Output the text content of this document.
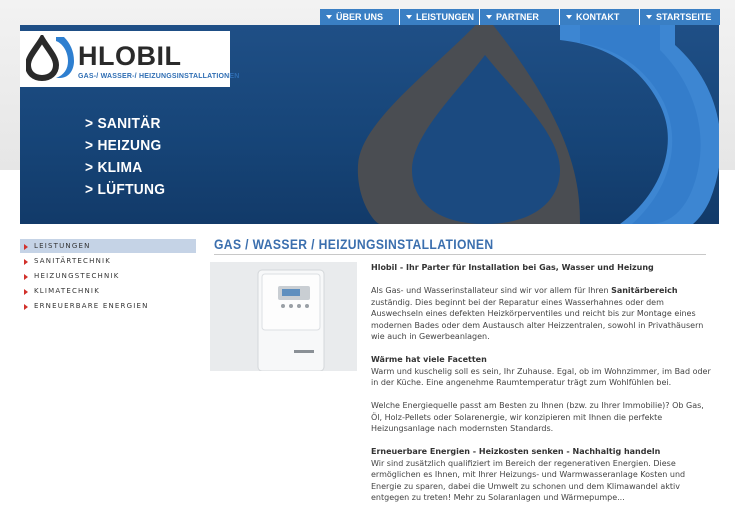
ÜBER UNS	LEISTUNGEN	PARTNER	KONTAKT	STARTSEITE
HLOBIL
GAS-/ WASSER-/ HEIZUNGSINSTALLATIONEN
> SANITÄR
> HEIZUNG
> KLIMA
> LÜFTUNG
LEISTUNGEN
SANITÄRTECHNIK
HEIZUNGSTECHNIK
KLIMATECHNIK
ERNEUERBARE ENERGIEN
GAS / WASSER / HEIZUNGSINSTALLATIONEN

Hlobil - Ihr Parter für Installation bei Gas, Wasser und Heizung

Als Gas- und Wasserinstallateur sind wir vor allem für Ihren Sanitärbereich zuständig. Dies beginnt bei der Reparatur eines Wasserhahnes oder dem Auswechseln eines defekten Heizkörperventiles und reicht bis zur Montage eines modernen Bades oder dem Austausch alter Heizzentralen, sowohl in Privathäusern wie auch in Gewerbeanlagen.

Wärme hat viele Facetten
Warm und kuschelig soll es sein, Ihr Zuhause. Egal, ob im Wohnzimmer, im Bad oder in der Küche. Eine angenehme Raumtemperatur trägt zum Wohlfühlen bei.

Welche Energiequelle passt am Besten zu Ihnen (bzw. zu Ihrer Immobilie)? Ob Gas, Öl, Holz-Pellets oder Solarenergie, wir konzipieren mit Ihnen die perfekte Heizungsanlage nach modernsten Standards.

Erneuerbare Energien - Heizkosten senken - Nachhaltig handeln
Wir sind zusätzlich qualifiziert im Bereich der regenerativen Energien. Diese ermöglichen es Ihnen, mit Ihrer Heizungs- und Warmwasseranlage Kosten und Energie zu sparen, dabei die Umwelt zu schonen und dem Klimawandel aktiv entgegen zu treten! Mehr zu Solaranlagen und Wärmepumpe...
